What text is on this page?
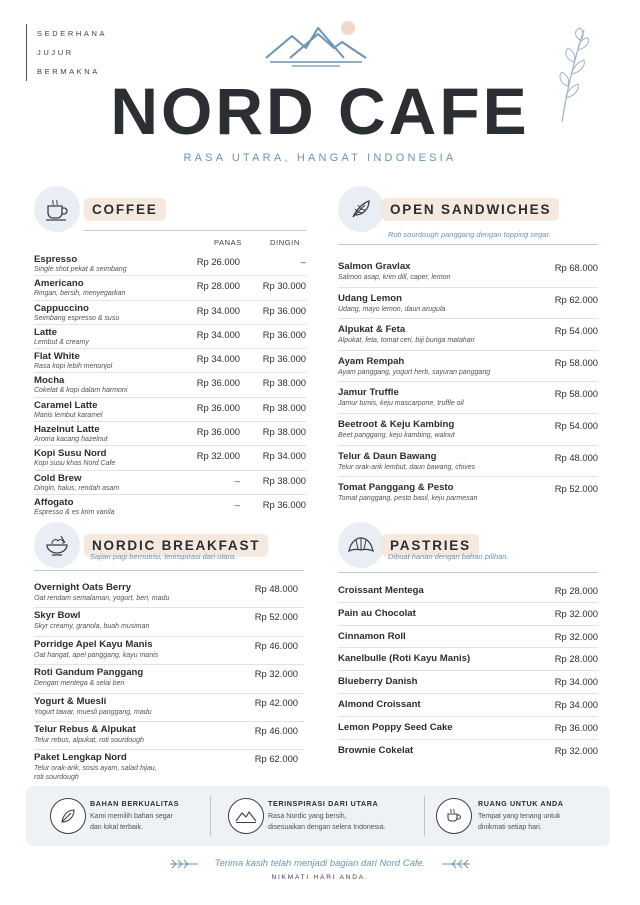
SEDERHANA
JUJUR
BERMAKNA
NORD CAFE
RASA UTARA, HANGAT INDONESIA
COFFEE
PANAS	DINGIN
Espresso
Single shot pekat & seimbang
Rp 26.000	–
Americano
Ringan, bersih, menyegarkan
Rp 28.000	Rp 30.000
Cappuccino
Seimbang espresso & susu
Rp 34.000	Rp 36.000
Latte
Lembut & creamy
Rp 34.000	Rp 36.000
Flat White
Rasa kopi lebih menonjol
Rp 34.000	Rp 36.000
Mocha
Cokelat & kopi dalam harmoni
Rp 36.000	Rp 38.000
Caramel Latte
Manis lembut karamel
Rp 36.000	Rp 38.000
Hazelnut Latte
Aroma kacang hazelnut
Rp 36.000	Rp 38.000
Kopi Susu Nord
Kopi susu khas Nord Cafe
Rp 32.000	Rp 34.000
Cold Brew
Dingin, halus, rendah asam
–	Rp 38.000
Affogato
Espresso & es krim vanila
–	Rp 36.000
OPEN SANDWICHES
Roti sourdough panggang dengan topping segar.
Salmon Gravlax
Salmon asap, krim dill, caper, lemon
Rp 68.000
Udang Lemon
Udang, mayo lemon, daun arugula
Rp 62.000
Alpukat & Feta
Alpukat, feta, tomat ceri, biji bunga matahari
Rp 54.000
Ayam Rempah
Ayam panggang, yogurt herb, sayuran panggang
Rp 58.000
Jamur Truffle
Jamur tumis, keju mascarpone, truffle oil
Rp 58.000
Beetroot & Keju Kambing
Beet panggang, keju kambing, walnut
Rp 54.000
Telur & Daun Bawang
Telur orak-arik lembut, daun bawang, chives
Rp 48.000
Tomat Panggang & Pesto
Tomat panggang, pesto basil, keju parmesan
Rp 52.000
NORDIC BREAKFAST
Sajian pagi bernutrisi, terinspirasi dari utara.
Overnight Oats Berry
Oat rendam semalaman, yogurt, beri, madu
Rp 48.000
Skyr Bowl
Skyr creamy, granola, buah musiman
Rp 52.000
Porridge Apel Kayu Manis
Oat hangat, apel panggang, kayu manis
Rp 46.000
Roti Gandum Panggang
Dengan mentega & selai beri
Rp 32.000
Yogurt & Muesli
Yogurt tawar, muesli panggang, madu
Rp 42.000
Telur Rebus & Alpukat
Telur rebus, alpukat, roti sourdough
Rp 46.000
Paket Lengkap Nord
Telur orak-arik, sosis ayam, salad hijau,
roti sourdough
Rp 62.000
PASTRIES
Dibuat harian dengan bahan pilihan.
Croissant Mentega	Rp 28.000
Pain au Chocolat	Rp 32.000
Cinnamon Roll	Rp 32.000
Kanelbulle (Roti Kayu Manis)	Rp 28.000
Blueberry Danish	Rp 34.000
Almond Croissant	Rp 34.000
Lemon Poppy Seed Cake	Rp 36.000
Brownie Cokelat	Rp 32.000
BAHAN BERKUALITAS
Kami memilih bahan segar
dan lokal terbaik.
TERINSPIRASI DARI UTARA
Rasa Nordic yang bersih,
disesuaikan dengan selera Indonesia.
RUANG UNTUK ANDA
Tempat yang tenang untuk
dinikmati setiap hari.
Terima kasih telah menjadi bagian dari Nord Cafe.
NIKMATI HARI ANDA.
